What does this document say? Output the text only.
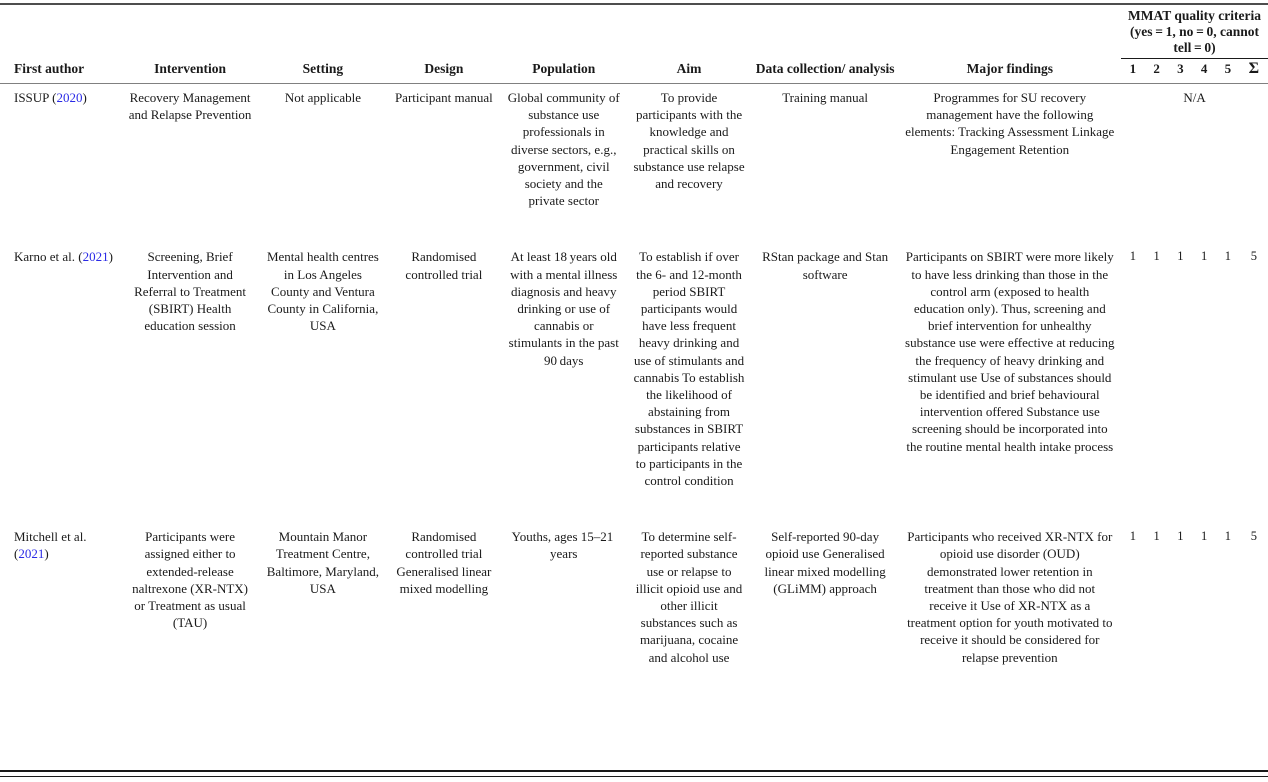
								MMAT quality criteria (yes = 1, no = 0, cannot tell = 0)					

First author	Intervention	Setting	Design	Population	Aim	Data collection/ analysis	Major findings	1	2	3	4	5	Σ
ISSUP (2020)	Recovery Management and Relapse Prevention	Not applicable	Participant manual	Global community of substance use professionals in diverse sectors, e.g., government, civil society and the private sector	To provide participants with the knowledge and practical skills on substance use relapse and recovery	Training manual	Programmes for SU recovery management have the following elements: Tracking Assessment Linkage Engagement Retention	N/A					
Karno et al. (2021)	Screening, Brief Intervention and Referral to Treatment (SBIRT) Health education session	Mental health centres in Los Angeles County and Ventura County in California, USA	Randomised controlled trial	At least 18 years old with a mental illness diagnosis and heavy drinking or use of cannabis or stimulants in the past 90 days	To establish if over the 6- and 12-month period SBIRT participants would have less frequent heavy drinking and use of stimulants and cannabis To establish the likelihood of abstaining from substances in SBIRT participants relative to participants in the control condition	RStan package and Stan software	Participants on SBIRT were more likely to have less drinking than those in the control arm (exposed to health education only). Thus, screening and brief intervention for unhealthy substance use were effective at reducing the frequency of heavy drinking and stimulant use Use of substances should be identified and brief behavioural intervention offered Substance use screening should be incorporated into the routine mental health intake process	1	1	1	1	1	5
Mitchell et al. (2021)	Participants were assigned either to extended-release naltrexone (XR-NTX) or Treatment as usual (TAU)	Mountain Manor Treatment Centre, Baltimore, Maryland, USA	Randomised controlled trial Generalised linear mixed modelling	Youths, ages 15–21 years	To determine self-reported substance use or relapse to illicit opioid use and other illicit substances such as marijuana, cocaine and alcohol use	Self-reported 90-day opioid use Generalised linear mixed modelling (GLiMM) approach	Participants who received XR-NTX for opioid use disorder (OUD) demonstrated lower retention in treatment than those who did not receive it Use of XR-NTX as a treatment option for youth motivated to receive it should be considered for relapse prevention	1	1	1	1	1	5
